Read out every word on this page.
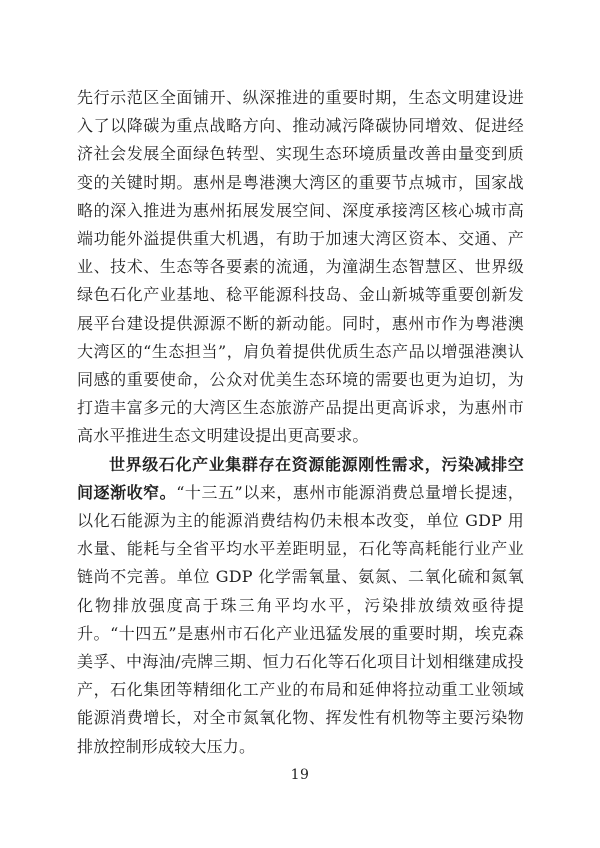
先行示范区全面铺开、纵深推进的重要时期，生态文明建设进入了以降碳为重点战略方向、推动减污降碳协同增效、促进经济社会发展全面绿色转型、实现生态环境质量改善由量变到质变的关键时期。惠州是粤港澳大湾区的重要节点城市，国家战略的深入推进为惠州拓展发展空间、深度承接湾区核心城市高端功能外溢提供重大机遇，有助于加速大湾区资本、交通、产业、技术、生态等各要素的流通，为潼湖生态智慧区、世界级绿色石化产业基地、稔平能源科技岛、金山新城等重要创新发展平台建设提供源源不断的新动能。同时，惠州市作为粤港澳大湾区的“生态担当”，肩负着提供优质生态产品以增强港澳认同感的重要使命，公众对优美生态环境的需要也更为迫切，为打造丰富多元的大湾区生态旅游产品提出更高诉求，为惠州市高水平推进生态文明建设提出更高要求。

世界级石化产业集群存在资源能源刚性需求，污染减排空间逐渐收窄。“十三五”以来，惠州市能源消费总量增长提速，以化石能源为主的能源消费结构仍未根本改变，单位 GDP 用水量、能耗与全省平均水平差距明显，石化等高耗能行业产业链尚不完善。单位 GDP 化学需氧量、氨氮、二氧化硫和氮氧化物排放强度高于珠三角平均水平，污染排放绩效亟待提升。“十四五”是惠州市石化产业迅猛发展的重要时期，埃克森美孚、中海油/壳牌三期、恒力石化等石化项目计划相继建成投产，石化集团等精细化工产业的布局和延伸将拉动重工业领域能源消费增长，对全市氮氧化物、挥发性有机物等主要污染物排放控制形成较大压力。

19
